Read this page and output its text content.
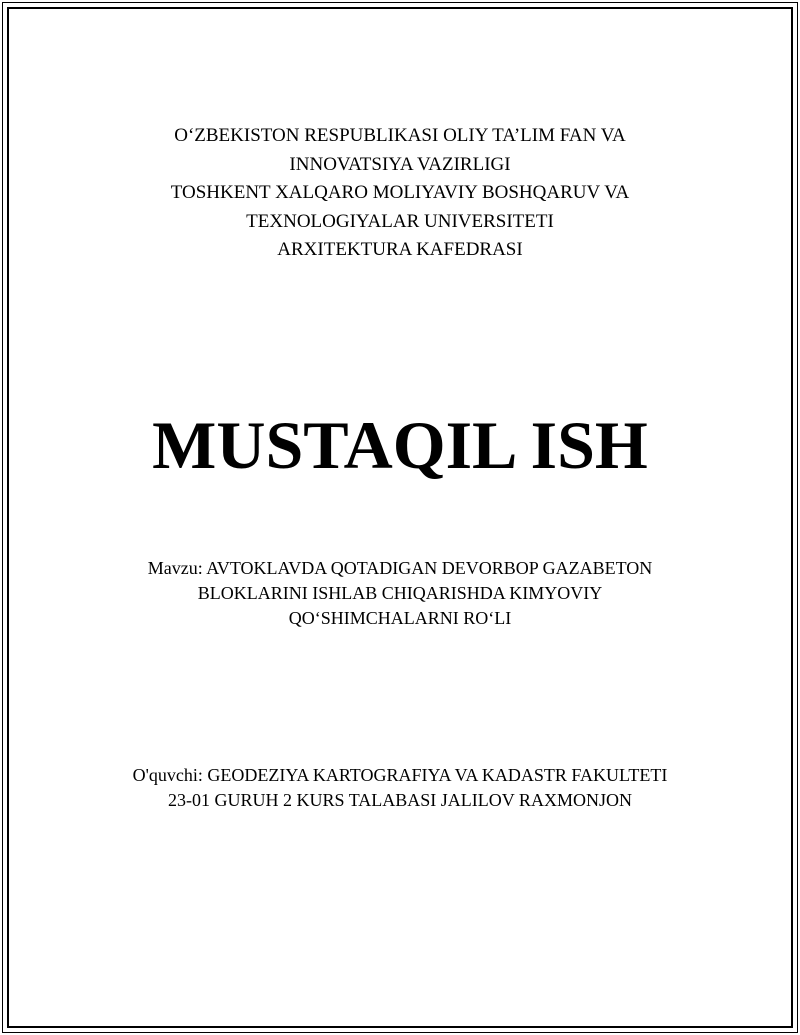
O‘ZBEKISTON RESPUBLIKASI OLIY TA’LIM FAN VA
INNOVATSIYA VAZIRLIGI
TOSHKENT XALQARO MOLIYAVIY BOSHQARUV VA
TEXNOLOGIYALAR UNIVERSITETI
ARXITEKTURA KAFEDRASI
MUSTAQIL ISH
Mavzu: AVTOKLAVDA QOTADIGAN DEVORBOP GAZABETON
BLOKLARINI ISHLAB CHIQARISHDA KIMYOVIY
QO‘SHIMCHALARNI RO‘LI
O'quvchi: GEODEZIYA KARTOGRAFIYA VA KADASTR FAKULTETI
23-01 GURUH 2 KURS TALABASI JALILOV RAXMONJON
